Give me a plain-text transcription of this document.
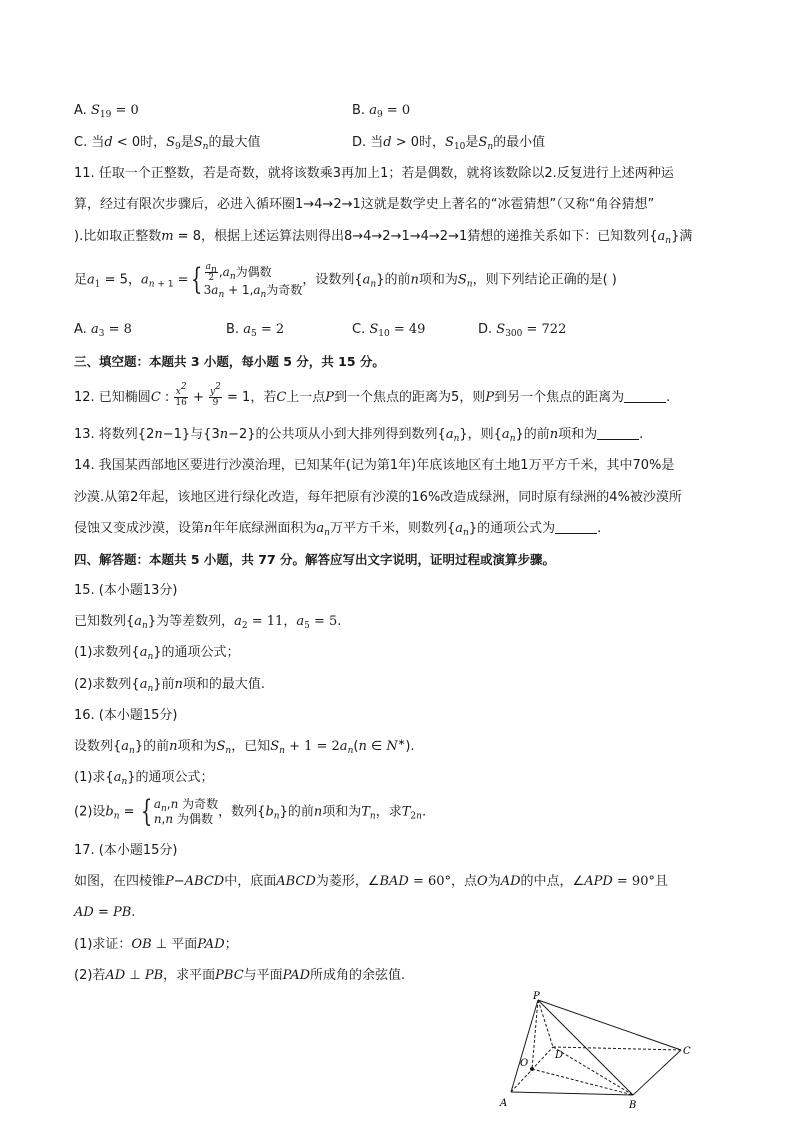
A. $S_{19} = 0$	B. $a_9 = 0$
C. 当d < 0时，$S_9$是$S_n$的最大值	D. 当d > 0时，$S_{10}$是$S_n$的最小值
11. 任取一个正整数，若是奇数，就将该数乘3再加上1；若是偶数，就将该数除以2.反复进行上述两种运
算，经过有限次步骤后，必进入循环圈1→4→2→1这就是数学史上著名的“冰雹猜想”（又称“角谷猜想”
).比如取正整数m = 8，根据上述运算法则得出8→4→2→1→4→2→1猜想的递推关系如下：已知数列$\{a_n\}$满
足$a_1 = 5$，$a_{n + 1}$ ={ $\frac{a_n}{2} ,a_n$为偶数
$3a_n + 1,a_n$为奇数
，设数列$\{a_n\}$的前n项和为$S_n$，则下列结论正确的是( )
A. $a_3 = 8$	B. $a_5 = 2$	C. $S_{10} = 49$	D. $S_{300} = 722$
三、填空题：本题共 3 小题，每小题 5 分，共 15 分。
12. 已知椭圆C : $\frac{x^2}{16} + \frac{y^2}{9} = 1$，若C上一点P到一个焦点的距离为5，则P到另一个焦点的距离为	.
13. 将数列{2n−1}与{3n−2}的公共项从小到大排列得到数列$\{a_n\}$，则$\{a_n\}$的前n项和为	.
14. 我国某西部地区要进行沙漠治理，已知某年(记为第1年)年底该地区有土地1万平方千米，其中70%是
沙漠.从第2年起，该地区进行绿化改造，每年把原有沙漠的16%改造成绿洲，同时原有绿洲的4%被沙漠所
侵蚀又变成沙漠，设第n年年底绿洲面积为$a_n$万平方千米，则数列$\{a_n\}$的通项公式为	.
四、解答题：本题共 5 小题，共 77 分。解答应写出文字说明，证明过程或演算步骤。
15. (本小题13分)
已知数列$\{a_n\}$为等差数列，$a_2 = 11$，$a_5 = 5$.
(1)求数列$\{a_n\}$的通项公式；
(2)求数列$\{a_n\}$前n项和的最大值.
16. (本小题15分)
设数列$\{a_n\}$的前n项和为$S_n$，已知$S_n + 1 = 2a_n(n$ ∈ N∗).
(1)求$\{a_n\}$的通项公式；
(2)设$b_n$ = { $a_n,n$ 为奇数
n,n 为偶数 ，数列$\{b_n\}$的前n项和为$T_n$，求$T_{2n}$.
17. (本小题15分)
如图，在四棱锥P−ABCD中，底面ABCD为菱形，∠BAD = 60°，点O为AD的中点，∠APD = 90°且
AD = PB.
(1)求证：OB ⊥ 平面PAD；
(2)若AD ⊥ PB，求平面PBC与平面PAD所成角的余弦值.
P
D	C
O
A	B
